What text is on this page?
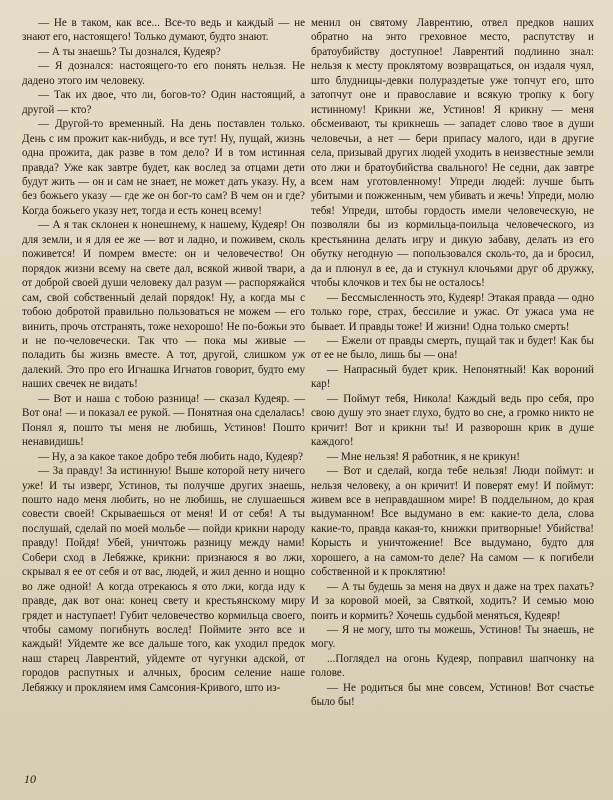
— Не в таком, как все... Все-то ведь и каждый — не знают его, настоящего! Только думают, будто знают.

— А ты знаешь? Ты дознался, Кудеяр?

— Я дознался: настоящего-то его понять нельзя. Не дадено этого им человеку.

— Так их двое, что ли, богов-то? Один настоящий, а другой — кто?

— Другой-то временный. На день поставлен только. День с им прожит как-нибудь, и все тут! Ну, пущай, жизнь одна прожита, дак разве в том дело? И в том истинная правда? Уже как завтре будет, как вослед за отцами дети будут жить — он и сам не знает, не может дать указу. Ну, а без божьего указу — где же он бог-то сам? В чем он и где? Когда божьего указу нет, тогда и есть конец всему!

— А я так склонен к нонешнему, к нашему, Кудеяр! Он для земли, и я для ее же — вот и ладно, и поживем, сколь поживется! И помрем вместе: он и человечество! Он порядок жизни всему на свете дал, всякой живой твари, а от доброй своей души человеку дал разум — распоряжайся сам, свой собственный делай порядок! Ну, а когда мы с тобою добротой правильно пользоваться не можем — его винить, прочь отстранять, тоже нехорошо! Не по-божьи это и не по-человечески. Так что — пока мы живые — поладить бы жизнь вместе. А тот, другой, слишком уж далекий. Это про его Игнашка Игнатов говорит, будто ему наших свечек не видать!

— Вот и наша с тобою разница! — сказал Кудеяр. — Вот она! — и показал ее рукой. — Понятная она сделалась! Понял я, пошто ты меня не любишь, Устинов! Пошто ненавидишь!

— Ну, а за какое такое добро тебя любить надо, Кудеяр?

— За правду! За истинную! Выше которой нету ничего уже! И ты изверг, Устинов, ты получше других знаешь, пошто надо меня любить, но не любишь, не слушаешься совести своей! Скрываешься от меня! И от себя! А ты послушай, сделай по моей мольбе — пойди крикни народу правду! Пойдя! Убей, уничтожь разницу между нами! Собери сход в Лебяжке, крикни: признаюся я во лжи, скрывал я ее от себя и от вас, людей, и жил денно и нощно во лже одной! А когда отрекаюсь я ото лжи, когда иду к правде, дак вот она: конец свету и крестьянскому миру грядет и наступает! Губит человечество кормильца своего, чтобы самому погибнуть вослед! Поймите энто все и каждый! Уйдемте же все дальше того, как уходил предок наш старец Лаврентий, уйдемте от чугунки адской, от городов распутных и алчных, бросим селение наше Лебяжку и прокляием имя Самсония-Кривого, што из-

менил он святому Лаврентию, отвел предков наших обратно на энто греховное место, распутству и братоубийству доступное! Лаврентий подлинно знал: нельзя к месту проклятому возвращаться, он издаля чуял, што блудницы-девки полураздетые уже топчут его, што затопчут оне и православие и всякую тропку к богу истинному! Крикни же, Устинов! Я крикну — меня обсмеивают, ты крикнешь — западет слово твое в души человечьи, а нет — бери припасу малого, иди в другие села, призывай других людей уходить в неизвестные земли ото лжи и братоубийства свального! Не седни, дак завтре всем нам уготовленному! Упреди людей: лучше быть убитыми и пожженным, чем убивать и жечь! Упреди, молю тебя! Упреди, штобы гордость имели человеческую, не позволяли бы из кормильца-поильца человеческого, из крестьянина делать игру и дикую забаву, делать из его обутку негодную — попользовался сколь-то, да и бросил, да и плюнул в ее, да и стукнул клочьями друг об дружку, чтобы клочков и тех бы не осталось!

— Бессмысленность это, Кудеяр! Этакая правда — одно только горе, страх, бессилие и ужас. От ужаса ума не бывает. И правды тоже! И жизни! Одна только смерть!

— Ежели от правды смерть, пущай так и будет! Как бы от ее не было, лишь бы — она!

— Напрасный будет крик. Непонятный! Как вороний кар!

— Поймут тебя, Никола! Каждый ведь про себя, про свою душу это знает глухо, будто во сне, а громко никто не кричит! Вот и крикни ты! И разворошн крик в душе каждого!

— Мне нельзя! Я работник, я не крикун!

— Вот и сделай, когда тебе нельзя! Люди поймут: и нельзя человеку, а он кричит! И поверят ему! И поймут: живем все в неправдашном мире! В подделыном, до края выдуманном! Все выдумано в ем: какие-то дела, слова какие-то, правда какая-то, книжки притворные! Убийства! Корысть и уничтожение! Все выдумано, будто для хорошего, а на самом-то деле? На самом — к погибели собственной и к проклятию!

— А ты будешь за меня на двух и даже на трех пахать? И за коровой моей, за Святкой, ходить? И семью мою поить и кормить? Хочешь судьбой меняться, Кудеяр!

— Я не могу, што ты можешь, Устинов! Ты знаешь, не могу.

...Поглядел на огонь Кудеяр, поправил шапчонку на голове.

— Не родиться бы мне совсем, Устинов! Вот счастье было бы!

10
